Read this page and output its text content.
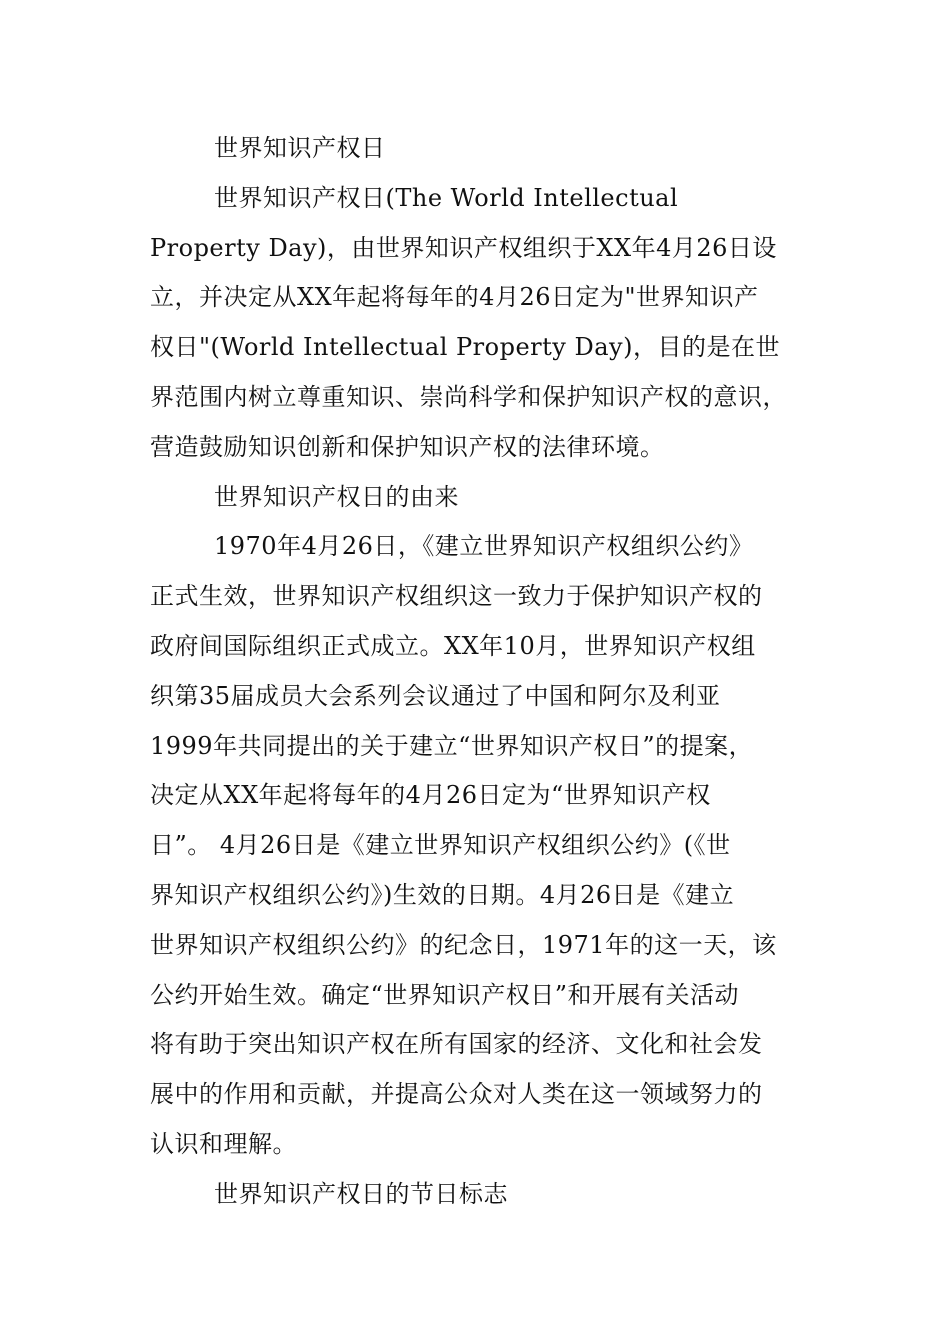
世界知识产权日
世界知识产权日(The World Intellectual
Property Day)，由世界知识产权组织于XX年4月26日设
立，并决定从XX年起将每年的4月26日定为"世界知识产
权日"(World Intellectual Property Day)，目的是在世
界范围内树立尊重知识、崇尚科学和保护知识产权的意识，
营造鼓励知识创新和保护知识产权的法律环境。
世界知识产权日的由来
1970年4月26日，《建立世界知识产权组织公约》
正式生效，世界知识产权组织这一致力于保护知识产权的
政府间国际组织正式成立。XX年10月，世界知识产权组
织第35届成员大会系列会议通过了中国和阿尔及利亚
1999年共同提出的关于建立“世界知识产权日”的提案，
决定从XX年起将每年的4月26日定为“世界知识产权
日”。 4月26日是《建立世界知识产权组织公约》(《世
界知识产权组织公约》)生效的日期。4月26日是《建立
世界知识产权组织公约》的纪念日，1971年的这一天，该
公约开始生效。确定“世界知识产权日”和开展有关活动
将有助于突出知识产权在所有国家的经济、文化和社会发
展中的作用和贡献，并提高公众对人类在这一领域努力的
认识和理解。
世界知识产权日的节日标志
